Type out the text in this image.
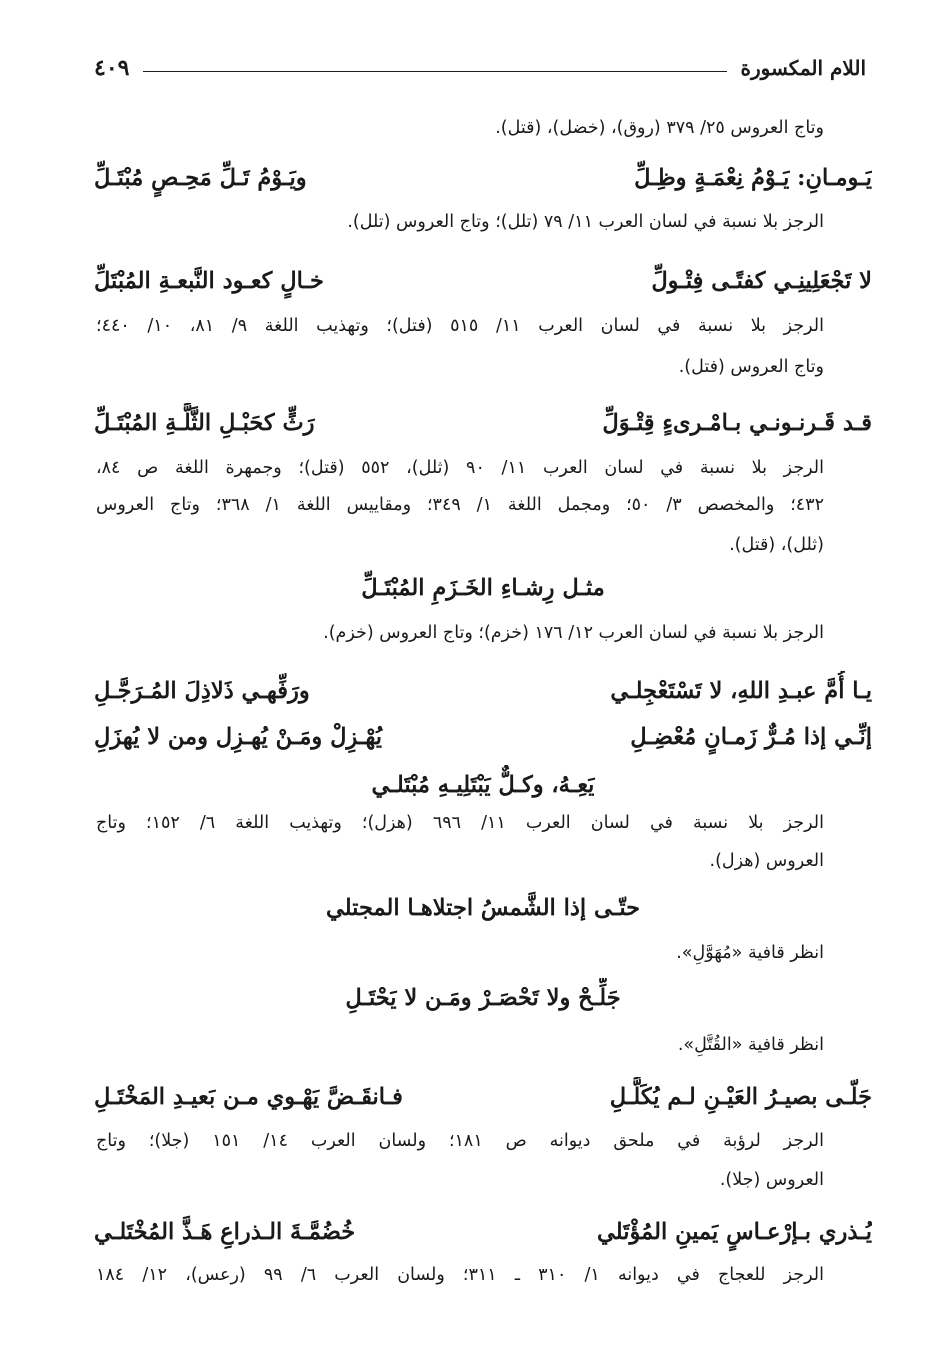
اللام المكسورة
٤٠٩
وتاج العروس ٢٥/ ٣٧٩ (روق)، (خضل)، (قتل).
يَـومـانِ: يَـوْمُ نِعْمَـةٍ وظِـلِّ
ويَـوْمُ تَـلِّ مَحِـصٍ مُبْتَـلِّ
الرجز بلا نسبة في لسان العرب ١١/ ٧٩ (تلل)؛ وتاج العروس (تلل).
لا تَجْعَلِينِـي كفتًـى فِتْـولِّ
خـالٍ كعـود النَّبعـةِ المُبْتَلِّ
الرجز بلا نسبة في لسان العرب ١١/ ٥١٥ (فتل)؛ وتهذيب اللغة ٩/ ٨١، ١٠/ ٤٤٠؛
وتاج العروس (فتل).
قـد قَـرنـونـي بـامْـرىءٍ قِتْـوَلِّ
رَثٍّ كحَبْـلِ الثَّلَّـةِ المُبْتَـلِّ
الرجز بلا نسبة في لسان العرب ١١/ ٩٠ (ثلل)، ٥٥٢ (قتل)؛ وجمهرة اللغة ص ٨٤،
٤٣٢؛ والمخصص ٣/ ٥٠؛ ومجمل اللغة ١/ ٣٤٩؛ ومقاييس اللغة ١/ ٣٦٨؛ وتاج العروس
(ثلل)، (قتل).
مثـل رِشـاءِ الخَـزَمِ المُبْتَـلِّ
الرجز بلا نسبة في لسان العرب ١٢/ ١٧٦ (خزم)؛ وتاج العروس (خزم).
يـا أُمَّ عبـدِ اللهِ، لا تَسْتَعْجِلـي
ورَفِّهـي ذَلاذِلَ المُـرَجَّـلِ
إنِّـي إذا مُـرٌّ زَمـانٍ مُعْضِـلِ
يُهْـزِلْ ومَـنْ يُهـزِل ومن لا يُهزَلِ
يَعِـهُ، وكـلٌّ يَبْتَلِيـهِ مُبْتَلـي
الرجز بلا نسبة في لسان العرب ١١/ ٦٩٦ (هزل)؛ وتهذيب اللغة ٦/ ١٥٢؛ وتاج
العروس (هزل).
حتّـى إذا الشَّمسُ اجتلاهـا المجتلي
انظر قافية «مُهَوَّلِ».
جَلِّـحْ ولا تَحْصَـرْ ومَـن لا يَحْتَـلِ
انظر قافية «القُتَّلِ».
جَلّـى بصيـرُ العَيْـنِ لـم يُكَلَّـلِ
فـانقَـضَّ يَهْـوي مـن بَعيـدِ المَخْتَـلِ
الرجز لرؤبة في ملحق ديوانه ص ١٨١؛ ولسان العرب ١٤/ ١٥١ (جلا)؛ وتاج
العروس (جلا).
يُـذري بـإرْعـاسٍ يَمينِ المُؤْتَلي
خُضُمَّـةَ الـذراعِ هَـذَّ المُخْتَلـي
الرجز للعجاج في ديوانه ١/ ٣١٠ ـ ٣١١؛ ولسان العرب ٦/ ٩٩ (رعس)، ١٢/ ١٨٤
